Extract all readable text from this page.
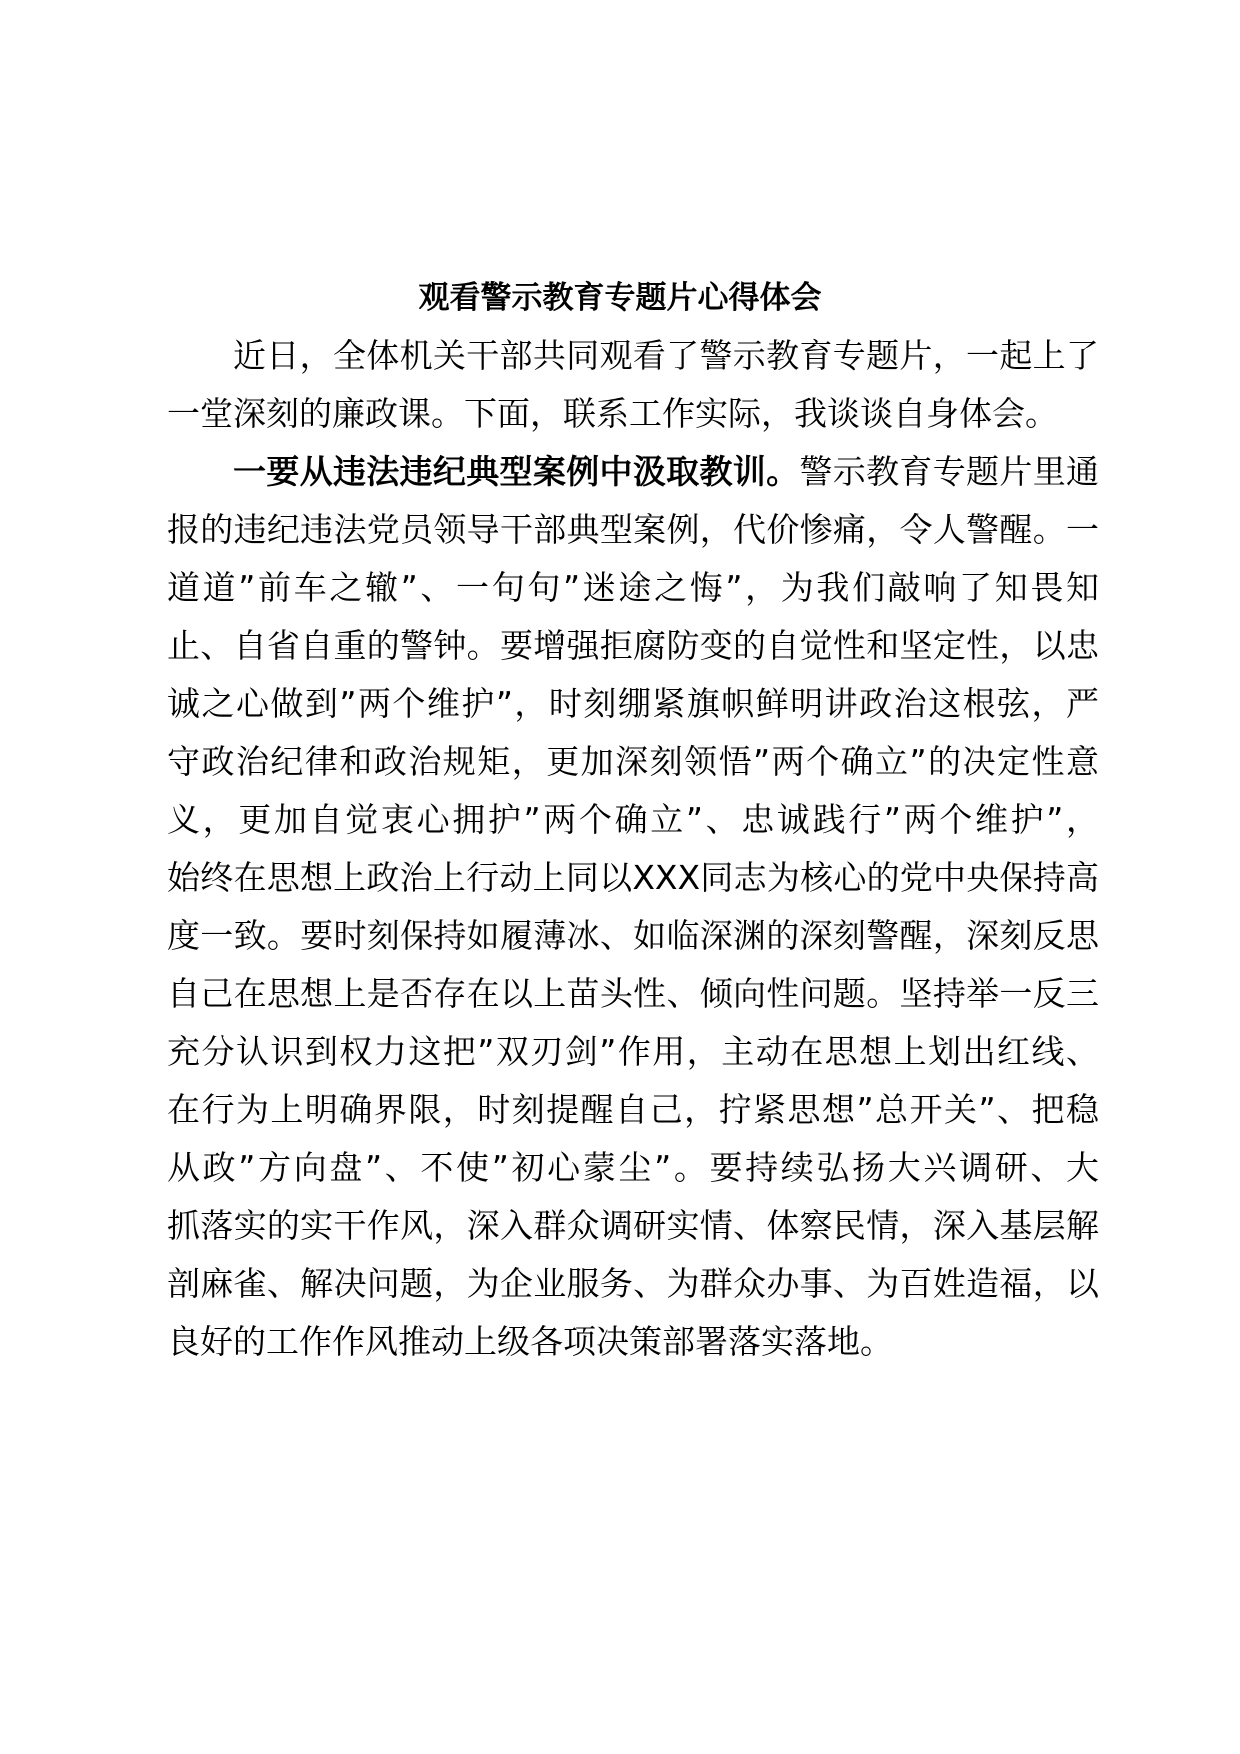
观看警示教育专题片心得体会
近日，全体机关干部共同观看了警示教育专题片，一起上了
一堂深刻的廉政课。下面，联系工作实际，我谈谈自身体会。
一要从违法违纪典型案例中汲取教训。警示教育专题片里通
报的违纪违法党员领导干部典型案例，代价惨痛，令人警醒。一
道道”前车之辙”、一句句”迷途之悔”，为我们敲响了知畏知
止、自省自重的警钟。要增强拒腐防变的自觉性和坚定性，以忠
诚之心做到”两个维护”，时刻绷紧旗帜鲜明讲政治这根弦，严
守政治纪律和政治规矩，更加深刻领悟”两个确立”的决定性意
义，更加自觉衷心拥护”两个确立”、忠诚践行”两个维护”，
始终在思想上政治上行动上同以XXX同志为核心的党中央保持高
度一致。要时刻保持如履薄冰、如临深渊的深刻警醒，深刻反思
自己在思想上是否存在以上苗头性、倾向性问题。坚持举一反三
充分认识到权力这把”双刃剑”作用，主动在思想上划出红线、
在行为上明确界限，时刻提醒自己，拧紧思想”总开关”、把稳
从政”方向盘”、不使”初心蒙尘”。要持续弘扬大兴调研、大
抓落实的实干作风，深入群众调研实情、体察民情，深入基层解
剖麻雀、解决问题，为企业服务、为群众办事、为百姓造福，以
良好的工作作风推动上级各项决策部署落实落地。
